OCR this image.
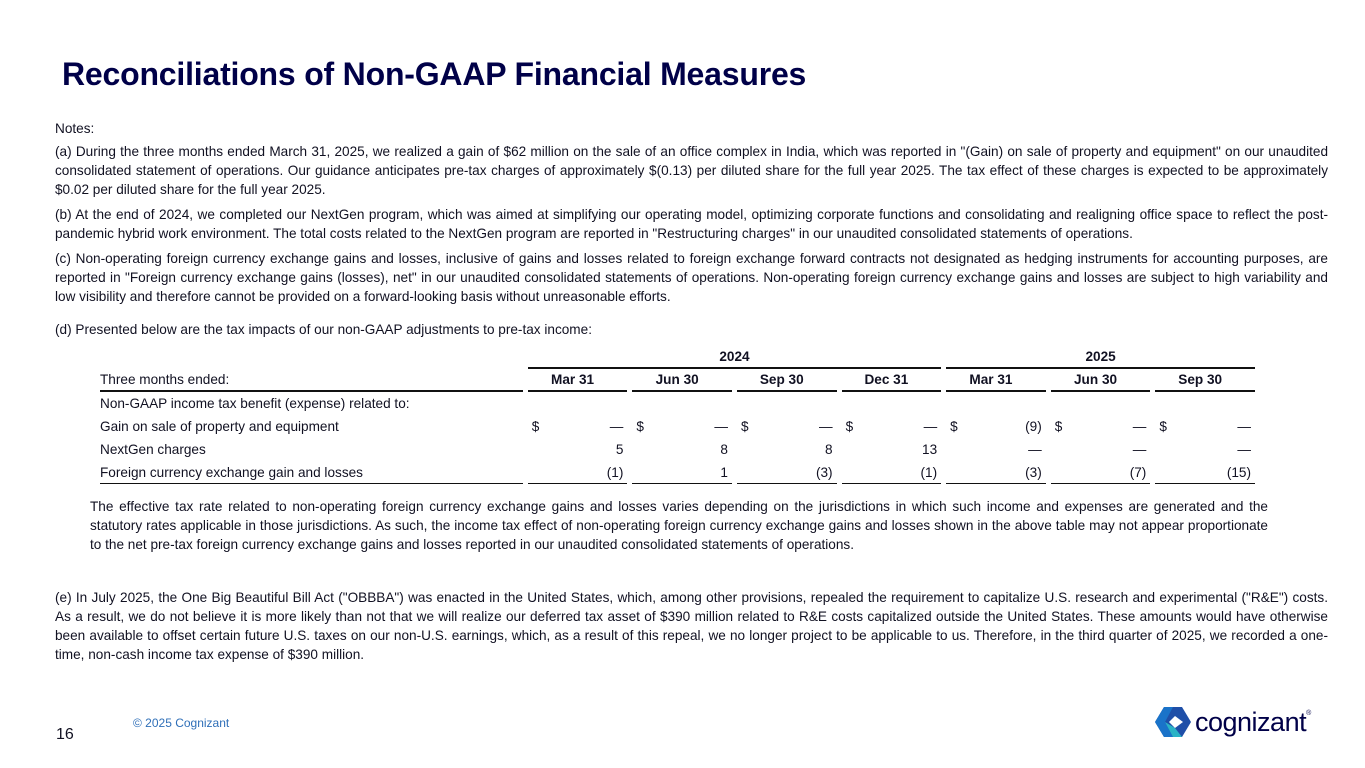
Reconciliations of Non-GAAP Financial Measures

Notes:

(a) During the three months ended March 31, 2025, we realized a gain of $62 million on the sale of an office complex in India, which was reported in "(Gain) on sale of property and equipment" on our unaudited consolidated statement of operations. Our guidance anticipates pre-tax charges of approximately $(0.13) per diluted share for the full year 2025. The tax effect of these charges is expected to be approximately $0.02 per diluted share for the full year 2025.

(b) At the end of 2024, we completed our NextGen program, which was aimed at simplifying our operating model, optimizing corporate functions and consolidating and realigning office space to reflect the post-pandemic hybrid work environment. The total costs related to the NextGen program are reported in "Restructuring charges" in our unaudited consolidated statements of operations.

(c) Non-operating foreign currency exchange gains and losses, inclusive of gains and losses related to foreign exchange forward contracts not designated as hedging instruments for accounting purposes, are reported in "Foreign currency exchange gains (losses), net" in our unaudited consolidated statements of operations. Non-operating foreign currency exchange gains and losses are subject to high variability and low visibility and therefore cannot be provided on a forward-looking basis without unreasonable efforts.

(d) Presented below are the tax impacts of our non-GAAP adjustments to pre-tax income:

	2024				2025		
Three months ended:	Mar 31	Jun 30	Sep 30	Dec 31	Mar 31	Jun 30	Sep 30
Non-GAAP income tax benefit (expense) related to:							
Gain on sale of property and equipment	$ —	$ —	$ —	$ —	$ (9)	$ —	$ —
NextGen charges	5	8	8	13	—	—	—
Foreign currency exchange gain and losses	(1)	1	(3)	(1)	(3)	(7)	(15)

The effective tax rate related to non-operating foreign currency exchange gains and losses varies depending on the jurisdictions in which such income and expenses are generated and the statutory rates applicable in those jurisdictions. As such, the income tax effect of non-operating foreign currency exchange gains and losses shown in the above table may not appear proportionate to the net pre-tax foreign currency exchange gains and losses reported in our unaudited consolidated statements of operations.

(e) In July 2025, the One Big Beautiful Bill Act ("OBBBA") was enacted in the United States, which, among other provisions, repealed the requirement to capitalize U.S. research and experimental ("R&E") costs. As a result, we do not believe it is more likely than not that we will realize our deferred tax asset of $390 million related to R&E costs capitalized outside the United States. These amounts would have otherwise been available to offset certain future U.S. taxes on our non-U.S. earnings, which, as a result of this repeal, we no longer project to be applicable to us. Therefore, in the third quarter of 2025, we recorded a one-time, non-cash income tax expense of $390 million.

16
© 2025 Cognizant	cognizant ®
